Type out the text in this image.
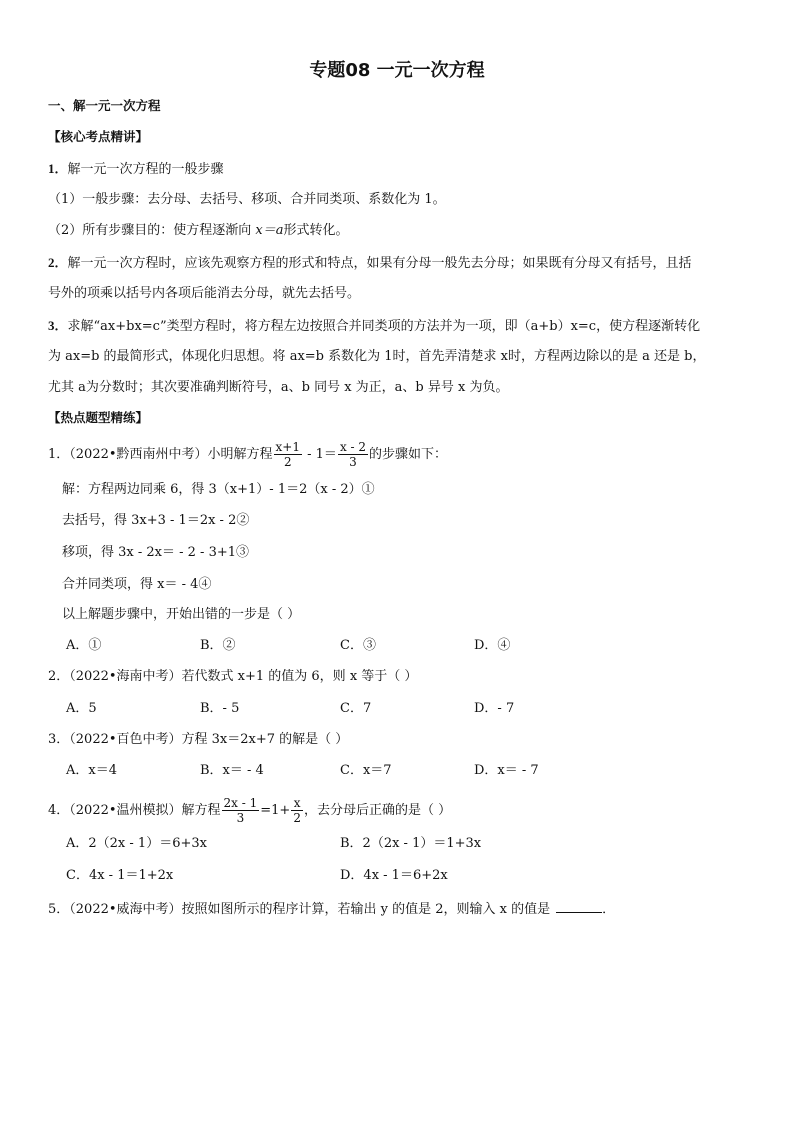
专题08 一元一次方程
一、解一元一次方程
【核心考点精讲】
1．解一元一次方程的一般步骤
（1）一般步骤：去分母、去括号、移项、合并同类项、系数化为 1。
（2）所有步骤目的：使方程逐渐向 x＝a形式转化。
2．解一元一次方程时，应该先观察方程的形式和特点，如果有分母一般先去分母；如果既有分母又有括号，且括
号外的项乘以括号内各项后能消去分母，就先去括号。
3．求解“ax+bx=c”类型方程时，将方程左边按照合并同类项的方法并为一项，即（a+b）x=c，使方程逐渐转化
为 ax=b 的最简形式，体现化归思想。将 ax=b 系数化为 1时，首先弄清楚求 x时，方程两边除以的是 a 还是 b，
尤其 a为分数时；其次要准确判断符号，a、b 同号 x 为正，a、b 异号 x 为负。
【热点题型精练】
1．（2022•黔西南州中考）小明解方程 $\frac{x+1}{2} - 1= \frac{x - 2}{3}$ 的步骤如下：
解：方程两边同乘 6，得 3（x+1）- 1＝2（x - 2）①
去括号，得 3x+3 - 1＝2x - 2②
移项，得 3x - 2x＝ - 2 - 3+1③
合并同类项，得 x＝ - 4④
以上解题步骤中，开始出错的一步是（ ）
A．①	B．②	C．③	D．④
2．（2022•海南中考）若代数式 x+1 的值为 6，则 x 等于（ ）
A．5	B．- 5	C．7	D．- 7
3．（2022•百色中考）方程 3x＝2x+7 的解是（ ）
A．x＝4	B．x＝ - 4	C．x＝7	D．x＝ - 7
4．（2022•温州模拟）解方程 $\frac{2x - 1}{3} =1+ \frac{x}{2}$ ，去分母后正确的是（ ）
A．2（2x - 1）＝6+3x	B．2（2x - 1）＝1+3x
C．4x - 1＝1+2x	D．4x - 1＝6+2x
5．（2022•威海中考）按照如图所示的程序计算，若输出 y 的值是 2，则输入 x 的值是	．
